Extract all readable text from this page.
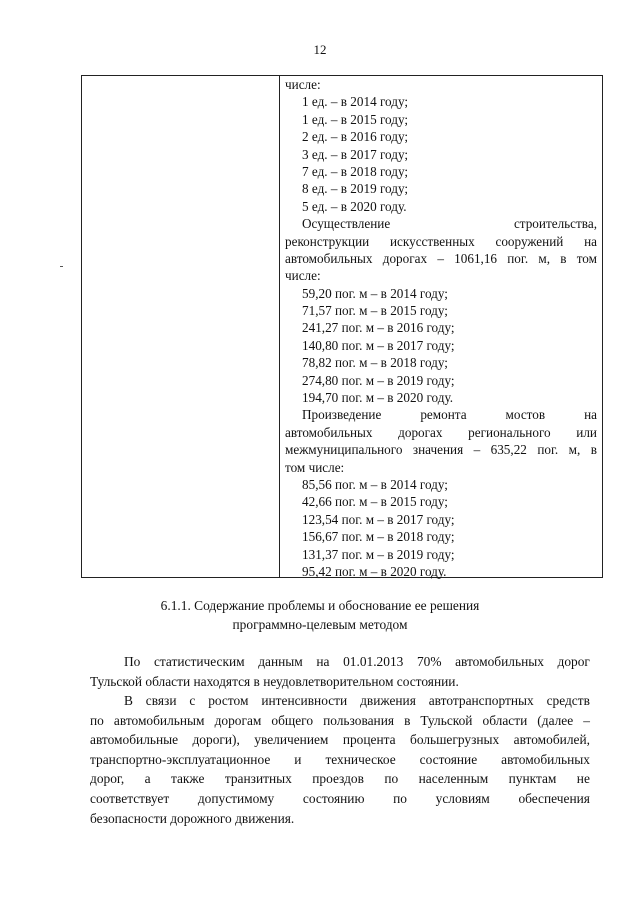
12
числе:
1 ед. – в 2014 году;
1 ед. – в 2015 году;
2 ед. – в 2016 году;
3 ед. – в 2017 году;
7 ед. – в 2018 году;
8 ед. – в 2019 году;
5 ед. – в 2020 году.
Осуществление	строительства,
реконструкции искусственных сооружений на
автомобильных дорогах – 1061,16 пог. м, в том
числе:
59,20 пог. м – в 2014 году;
71,57 пог. м – в 2015 году;
241,27 пог. м – в 2016 году;
140,80 пог. м – в 2017 году;
78,82 пог. м – в 2018 году;
274,80 пог. м – в 2019 году;
194,70 пог. м – в 2020 году.
Произведение	ремонта	мостов	на
автомобильных дорогах регионального или
межмуниципального значения – 635,22 пог. м, в
том числе:
85,56 пог. м – в 2014 году;
42,66 пог. м – в 2015 году;
123,54 пог. м – в 2017 году;
156,67 пог. м – в 2018 году;
131,37 пог. м – в 2019 году;
95,42 пог. м – в 2020 году.
6.1.1. Содержание проблемы и обоснование ее решения
программно-целевым методом
По статистическим данным на 01.01.2013 70% автомобильных дорог
Тульской области находятся в неудовлетворительном состоянии.
В связи с ростом интенсивности движения автотранспортных средств
по автомобильным дорогам общего пользования в Тульской области (далее –
автомобильные дороги), увеличением процента большегрузных автомобилей,
транспортно-эксплуатационное и техническое состояние автомобильных
дорог, а также транзитных проездов по населенным пунктам не
соответствует допустимому состоянию по условиям обеспечения
безопасности дорожного движения.
